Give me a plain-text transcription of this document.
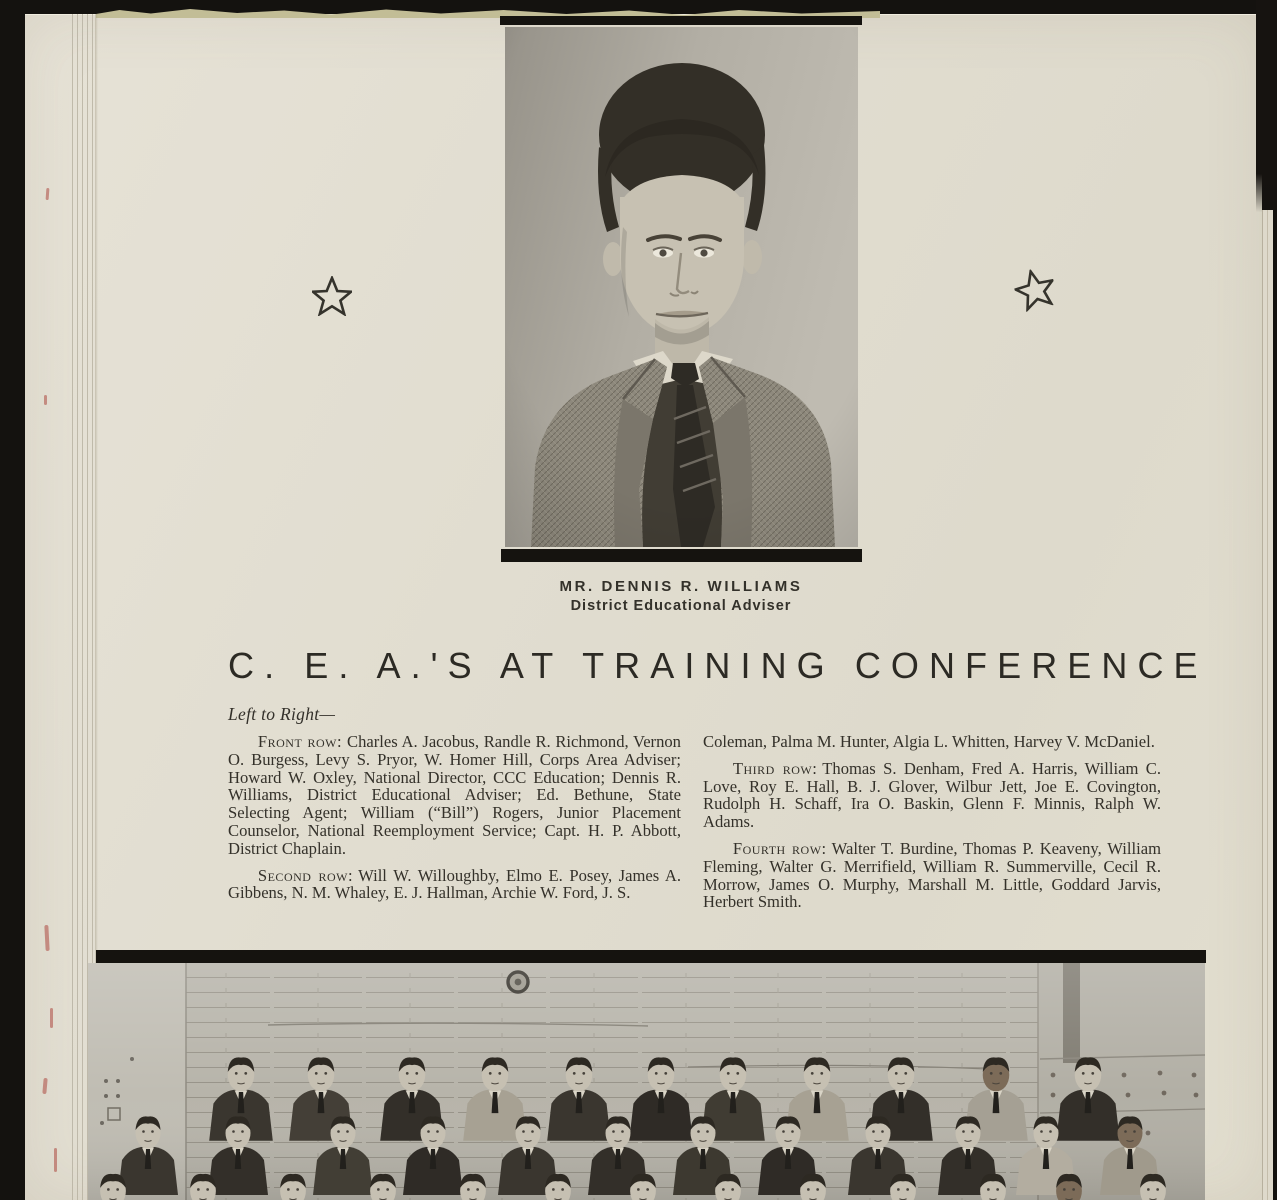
MR. DENNIS R. WILLIAMS
District Educational Adviser
C. E. A.'S AT TRAINING CONFERENCE
Left to Right—

Front row: Charles A. Jacobus, Randle R. Richmond, Vernon O. Burgess, Levy S. Pryor, W. Homer Hill, Corps Area Adviser; Howard W. Oxley, National Director, CCC Education; Dennis R. Williams, District Educational Adviser; Ed. Bethune, State Selecting Agent; William (“Bill”) Rogers, Junior Placement Counselor, National Reemployment Service; Capt. H. P. Abbott, District Chaplain.

Second row: Will W. Willoughby, Elmo E. Posey, James A. Gibbens, N. M. Whaley, E. J. Hallman, Archie W. Ford, J. S.

Coleman, Palma M. Hunter, Algia L. Whitten, Harvey V. McDaniel.

Third row: Thomas S. Denham, Fred A. Harris, William C. Love, Roy E. Hall, B. J. Glover, Wilbur Jett, Joe E. Covington, Rudolph H. Schaff, Ira O. Baskin, Glenn F. Minnis, Ralph W. Adams.

Fourth row: Walter T. Burdine, Thomas P. Keaveny, William Fleming, Walter G. Merrifield, William R. Summerville, Cecil R. Morrow, James O. Murphy, Marshall M. Little, Goddard Jarvis, Herbert Smith.
